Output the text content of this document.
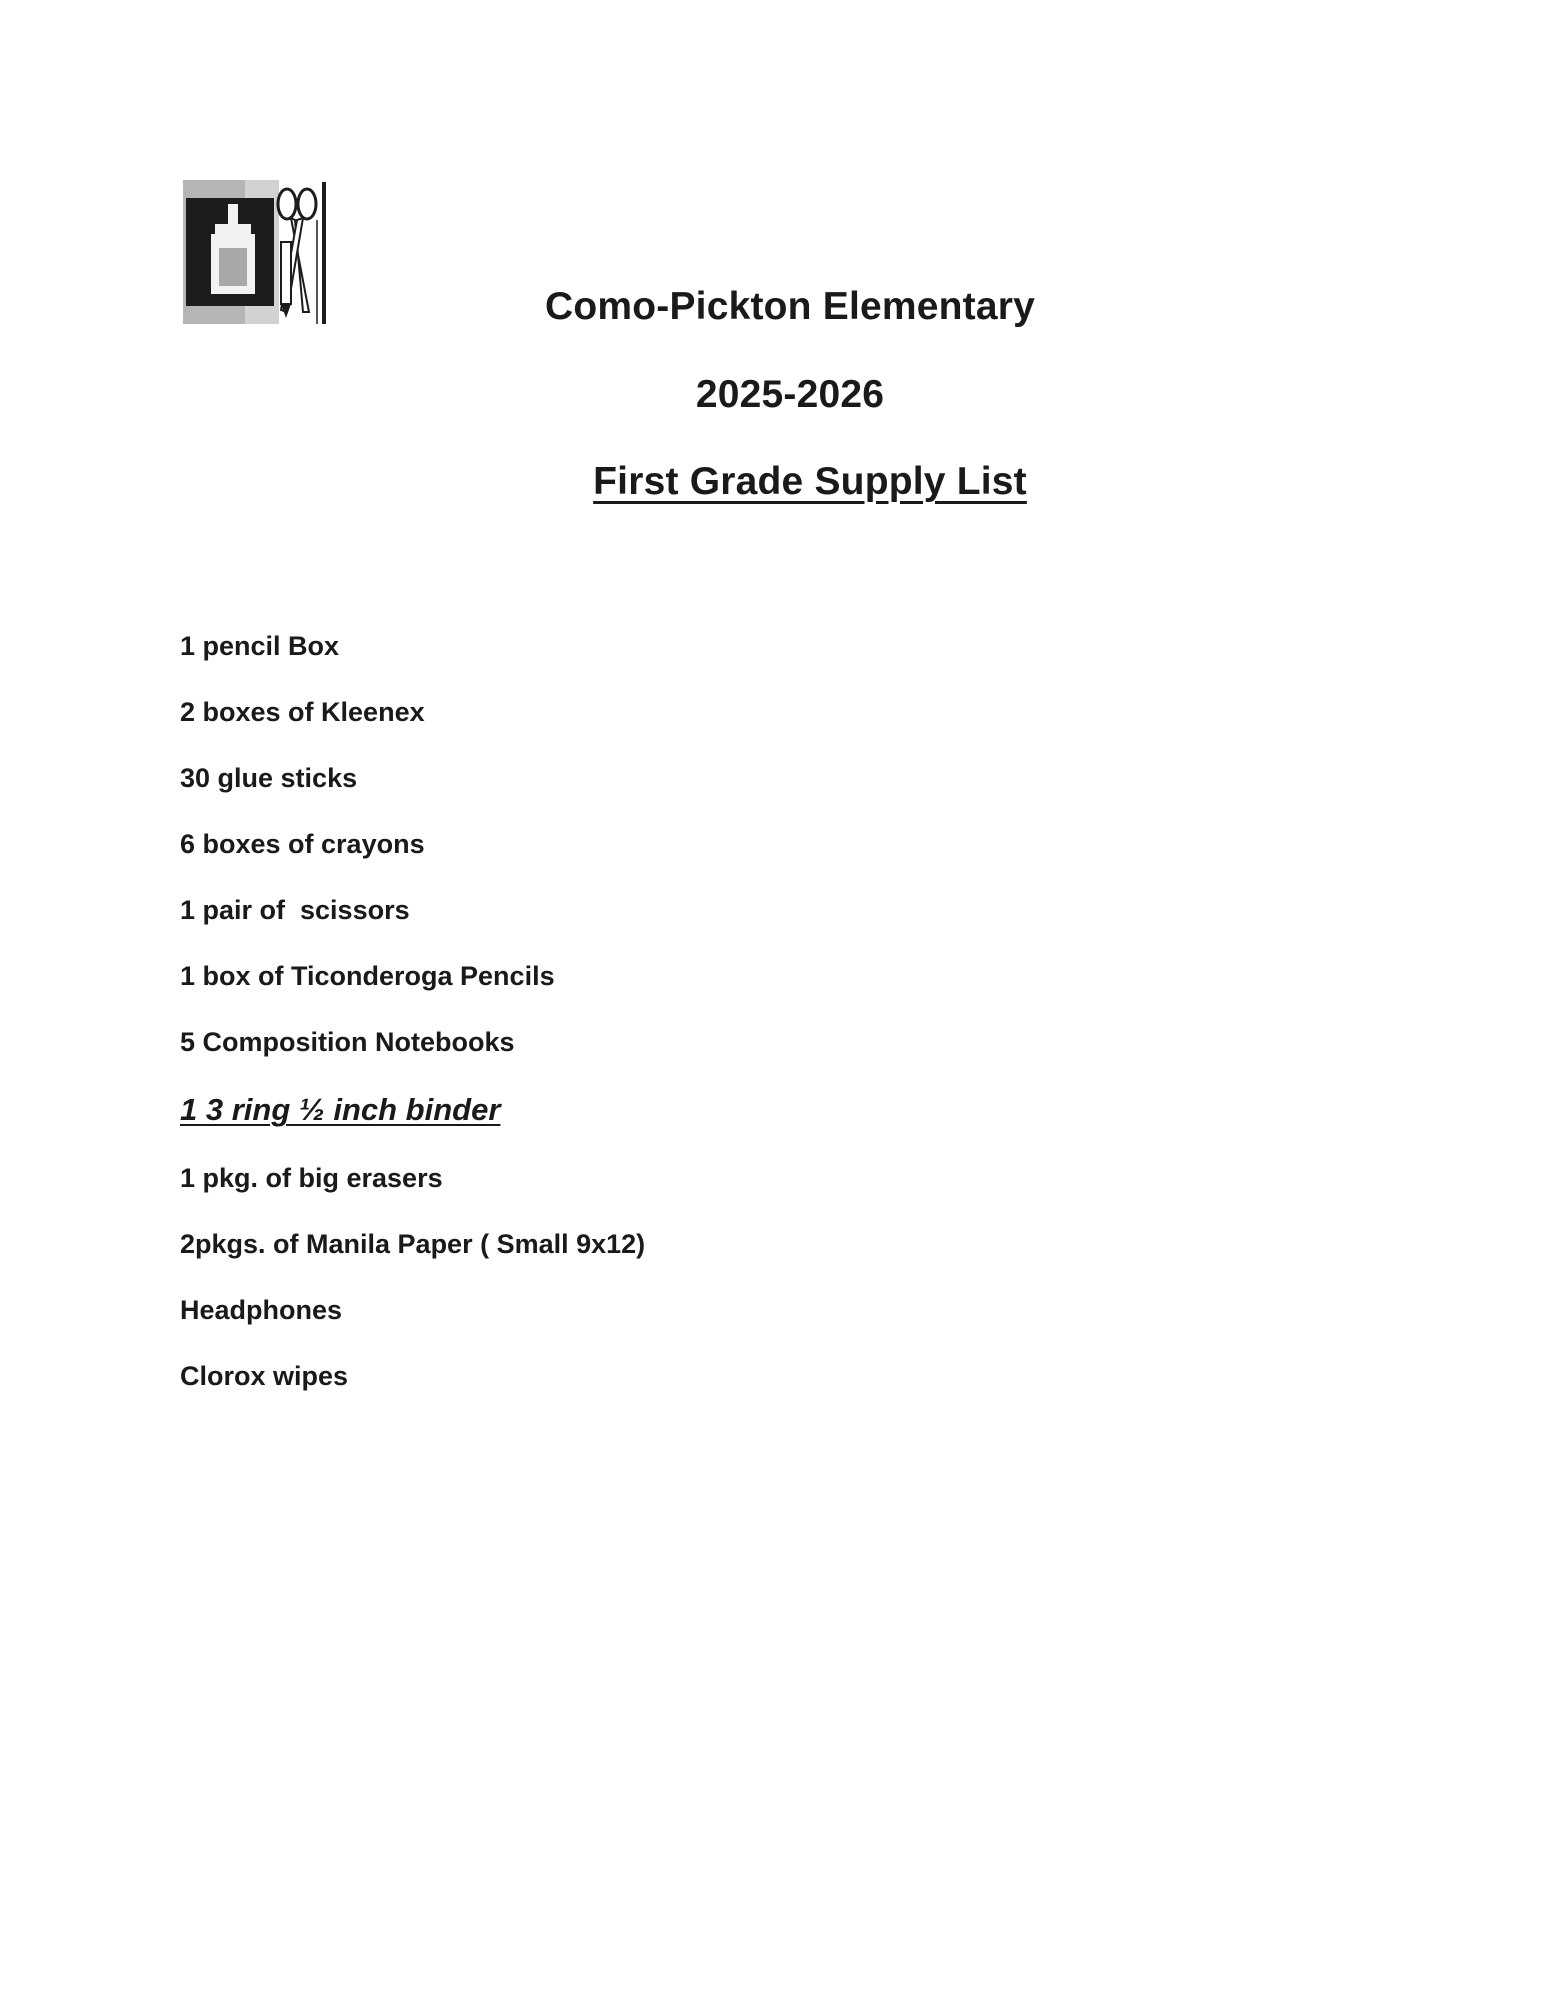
Como-Pickton Elementary
2025-2026
First Grade Supply List
1 pencil Box
2 boxes of Kleenex
30 glue sticks
6 boxes of crayons
1 pair of  scissors
1 box of Ticonderoga Pencils
5 Composition Notebooks
1 3 ring ½ inch binder
1 pkg. of big erasers
2pkgs. of Manila Paper ( Small 9x12)
Headphones
Clorox wipes
